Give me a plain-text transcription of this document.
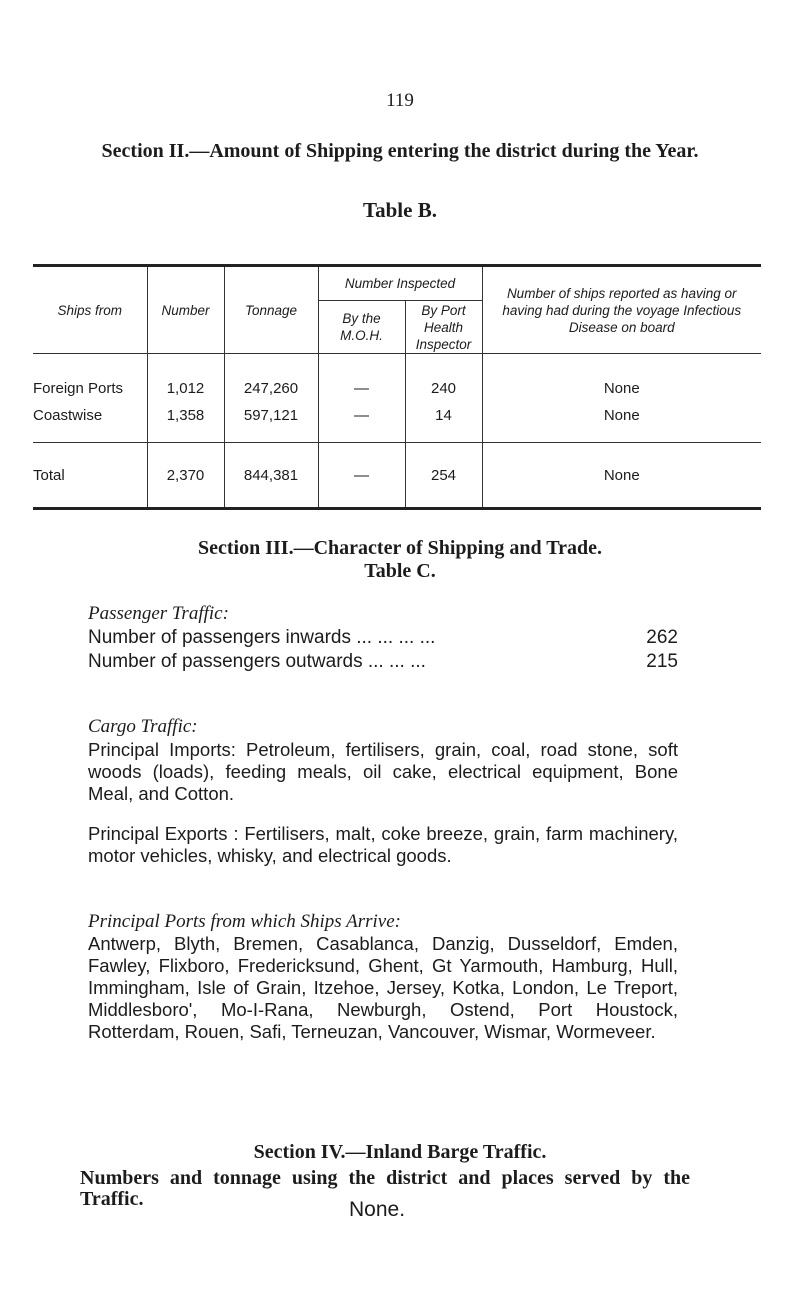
119
Section II.—Amount of Shipping entering the district during the Year.
Table B.
Ships from	Number	Tonnage	Number Inspected		Number of ships reported as having or having had during the voyage Infectious Disease on board
			By the M.O.H.	By Port Health Inspector	
Foreign Ports	1,012	247,260	—	240	None
Coastwise	1,358	597,121	—	14	None
Total	2,370	844,381	—	254	None
Section III.—Character of Shipping and Trade.
Table C.
Passenger Traffic:
Number of passengers inwards ... ... ... ...	262
Number of passengers outwards ... ... ...	215
Cargo Traffic:
Principal Imports: Petroleum, fertilisers, grain, coal, road stone, soft woods (loads), feeding meals, oil cake, electrical equipment, Bone Meal, and Cotton.
Principal Exports : Fertilisers, malt, coke breeze, grain, farm machinery, motor vehicles, whisky, and electrical goods.
Principal Ports from which Ships Arrive:
Antwerp, Blyth, Bremen, Casablanca, Danzig, Dusseldorf, Emden, Fawley, Flixboro, Fredericksund, Ghent, Gt Yarmouth, Hamburg, Hull, Immingham, Isle of Grain, Itzehoe, Jersey, Kotka, London, Le Treport, Middlesboro', Mo-I-Rana, Newburgh, Ostend, Port Houstock, Rotterdam, Rouen, Safi, Terneuzan, Vancouver, Wismar, Wormeveer.
Section IV.—Inland Barge Traffic.
Numbers and tonnage using the district and places served by the Traffic.	None.
